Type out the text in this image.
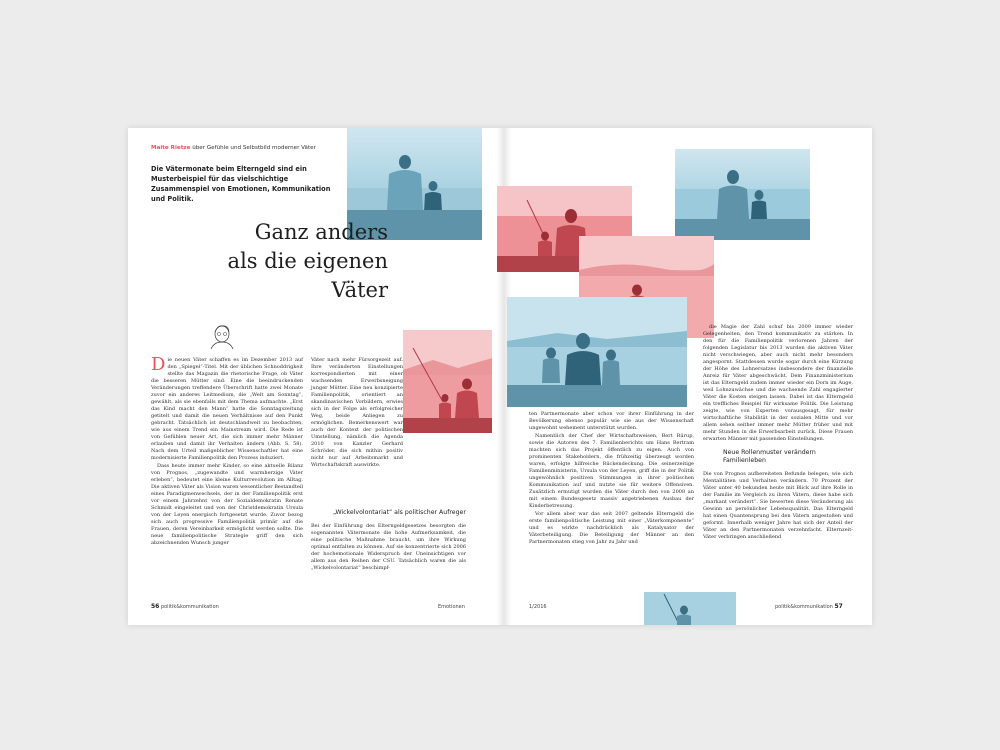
Maite Rietze über Gefühle und Selbstbild moderner Väter
Die Vätermonate beim Elterngeld sind ein Musterbeispiel für das vielschichtige Zusammenspiel von Emotionen, Kommunikation und Politik.
Ganz anders
als die eigenen
Väter

Die neuen Väter schaffen es im Dezember 2013 auf den „Spiegel“-Titel. Mit der üblichen Schnoddrigkeit stellte das Magazin die rhetorische Frage, ob Väter die besseren Mütter sind. Eine die beeindruckenden Veränderungen treffendere Überschrift hatte zwei Monate zuvor ein anderes Leitmedium, die „Welt am Sonntag“, gewählt, als sie ebenfalls mit dem Thema aufmachte. „Erst das Kind macht den Mann“ hatte die Sonntagszeitung getitelt und damit die neuen Verhältnisse auf den Punkt gebracht. Tatsächlich ist deutschlandweit zu beobachten, wie aus einem Trend ein Mainstream wird. Die Rede ist von Gefühlen neuer Art, die sich immer mehr Männer erlauben und damit ihr Verhalten ändern (Abb. S. 58). Nach dem Urteil maßgeblicher Wissenschaftler hat eine modernisierte Familienpolitik den Prozess induziert.

Dass heute immer mehr Kinder, so eine aktuelle Bilanz von Prognos, „zugewandte und warmherzige Väter erleben“, bedeutet eine kleine Kulturrevolution im Alltag. Die aktiven Väter als Vision waren wesentlicher Bestandteil eines Paradigmenwechsels, der in der Familienpolitik erst vor einem Jahrzehnt von der Sozialdemokratin Renate Schmidt eingeleitet und von der Christdemokratin Ursula von der Leyen energisch fortgesetzt wurde. Zuvor bezog sich auch progressive Familienpolitik primär auf die Frauen, deren Vereinbarkeit ermöglicht werden sollte. Die neue familienpolitische Strategie griff den sich abzeichnenden Wunsch junger

Väter nach mehr Fürsorgezeit auf. Ihre veränderten Einstellungen korrespondierten mit einer wachsenden Erwerbsneigung junger Mütter. Eine neu konzipierte Familienpolitik, orientiert an skandinavischen Vorbildern, erwies sich in der Folge als erfolgreicher Weg, beide Anliegen zu ermöglichen. Bemerkenswert war auch der Kontext der politischen Umstellung, nämlich die Agenda 2010 von Kanzler Gerhard Schröder, die sich mithin positiv nicht nur auf Arbeitsmarkt und Wirtschaftskraft auswirkte.

„Wickelvolontariat“ als politischer Aufreger

Bei der Einführung des Elterngeldgesetzes besorgten die sogenannten Vätermonate die hohe Aufmerksamkeit, die eine politische Maßnahme braucht, um ihre Wirkung optimal entfalten zu können. Auf sie konzentrierte sich 2006 der hochemotionale Widerspruch der Uneinsichtigen vor allem aus den Reihen der CSU. Tatsächlich waren die als „Wickelvolontariat“ beschimpf-

ten Partnermonate aber schon vor ihrer Einführung in der Bevölkerung ebenso populär wie sie aus der Wissenschaft ungewohnt wehement unterstützt wurden.

Namentlich der Chef der Wirtschaftsweisen, Bert Rürup, sowie die Autoren des 7. Familienberichts um Hans Bertram machten sich das Projekt öffentlich zu eigen. Auch von prominenten Stakeholdern, die frühzeitig überzeugt worden waren, erfolgte hilfreiche Rückendeckung. Die seinerzeitige Familienministerin, Ursula von der Leyen, griff die in der Politik ungewöhnlich positiven Stimmungen in ihrer politischen Kommunikation auf und nutzte sie für weitere Offensiven. Zusätzlich ermutigt wurden die Väter durch den von 2008 an mit einem Bundesgesetz massiv angetriebenen Ausbau der Kinderbetreuung.

Vor allem aber war das seit 2007 geltende Elterngeld die erste familienpolitische Leistung mit einer „Väterkomponente“ und es wirkte nachdrücklich als Katalysator der Väterbeteiligung. Die Beteiligung der Männer an den Partnermonaten stieg von Jahr zu Jahr und

die Magie der Zahl schuf bis 2009 immer wieder Gelegenheiten, den Trend kommunikativ zu stärken. In den für die Familienpolitik verlorenen Jahren der folgenden Legislatur bis 2013 wurden die aktiven Väter nicht verschwiegen, aber auch nicht mehr besonders angespornt. Stattdessen wurde sogar durch eine Kürzung der Höhe des Lohnersatzes insbesondere der finanzielle Anreiz für Väter abgeschwächt. Dem Finanzministerium ist das Elterngeld zudem immer wieder ein Dorn im Auge, weil Lohnzuwächse und die wachsende Zahl engagierter Väter die Kosten steigen lassen. Dabei ist das Elterngeld ein treffliches Beispiel für wirksame Politik. Die Leistung zeigte, wie von Experten vorausgesagt, für mehr wirtschaftliche Stabilität in der sozialen Mitte und vor allem sehen seither immer mehr Mütter früher und mit mehr Stunden in die Erwerbsarbeit zurück. Diese Frauen erwarten Männer mit passenden Einstellungen.

Neue Rollenmuster verändern Familienleben

Die von Prognos aufbereiteten Befunde belegen, wie sich Mentalitäten und Verhalten verändern. 70 Prozent der Väter unter 40 bekunden heute mit Blick auf ihre Rolle in der Familie im Vergleich zu ihren Vätern, diese habe sich „markant verändert“. Sie bewerten diese Veränderung als Gewinn an persönlicher Lebensqualität. Das Elterngeld hat einen Quantensprung bei den Vätern angestoßen und geformt. Innerhalb weniger Jahre hat sich der Anteil der Väter an den Partnermonaten verzehnfacht. Elternzeit-Väter verbringen anschließend

56 politik&kommunikation	Emotionen	1/2016	politik&kommunikation 57
